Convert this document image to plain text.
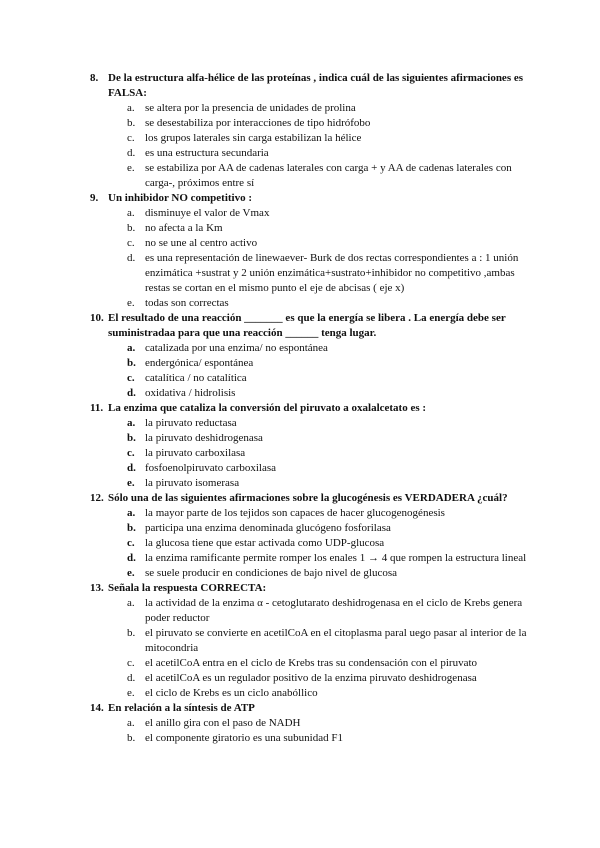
8. De la estructura alfa-hélice de las proteínas , indica cuál de las siguientes afirmaciones es FALSA:
a. se altera por la presencia de unidades de prolina
b. se desestabiliza por interacciones de tipo hidrófobo
c. los grupos laterales sin carga estabilizan la hélice
d. es una estructura secundaria
e. se estabiliza por AA de cadenas laterales con carga + y AA de cadenas laterales con carga-, próximos entre sí
9. Un inhibidor NO competitivo :
a. disminuye el valor de Vmax
b. no afecta a la Km
c. no se une al centro activo
d. es una representación de linewaever- Burk de dos rectas correspondientes a : 1 unión enzimática +sustrat y 2 unión enzimática+sustrato+inhibidor no competitivo ,ambas restas se cortan en el mismo punto el eje de abcisas ( eje x)
e. todas son correctas
10. El resultado de una reacción _______ es que la energía se libera . La energía debe ser suministradaa para que una reacción ______ tenga lugar.
a. catalizada por una enzima/ no espontánea
b. endergónica/ espontánea
c. catalítica / no catalítica
d. oxidativa / hidrolisis
11. La enzima que cataliza la conversión del piruvato a oxalalcetato es :
a. la piruvato reductasa
b. la piruvato deshidrogenasa
c. la piruvato carboxilasa
d. fosfoenolpiruvato carboxilasa
e. la piruvato isomerasa
12. Sólo una de las siguientes afirmaciones sobre la glucogénesis es VERDADERA ¿cuál?
a. la mayor parte de los tejidos son capaces de hacer glucogenogénesis
b. participa una enzima denominada glucógeno fosforilasa
c. la glucosa tiene que estar activada como UDP-glucosa
d. la enzima ramificante permite romper los enales 1 → 4 que rompen la estructura lineal
e. se suele producir en condiciones de bajo nivel de glucosa
13. Señala la respuesta CORRECTA:
a. la actividad de la enzima α - cetoglutarato deshidrogenasa en el ciclo de Krebs genera poder reductor
b. el piruvato se convierte en acetilCoA en el citoplasma paral uego pasar al interior de la mitocondria
c. el acetilCoA entra en el ciclo de Krebs tras su condensación con el piruvato
d. el acetilCoA es un regulador positivo de la enzima piruvato deshidrogenasa
e. el ciclo de Krebs es un ciclo anabóllico
14. En relación a la síntesis de ATP
a. el anillo gira con el paso de NADH
b. el componente giratorio es una subunidad F1
